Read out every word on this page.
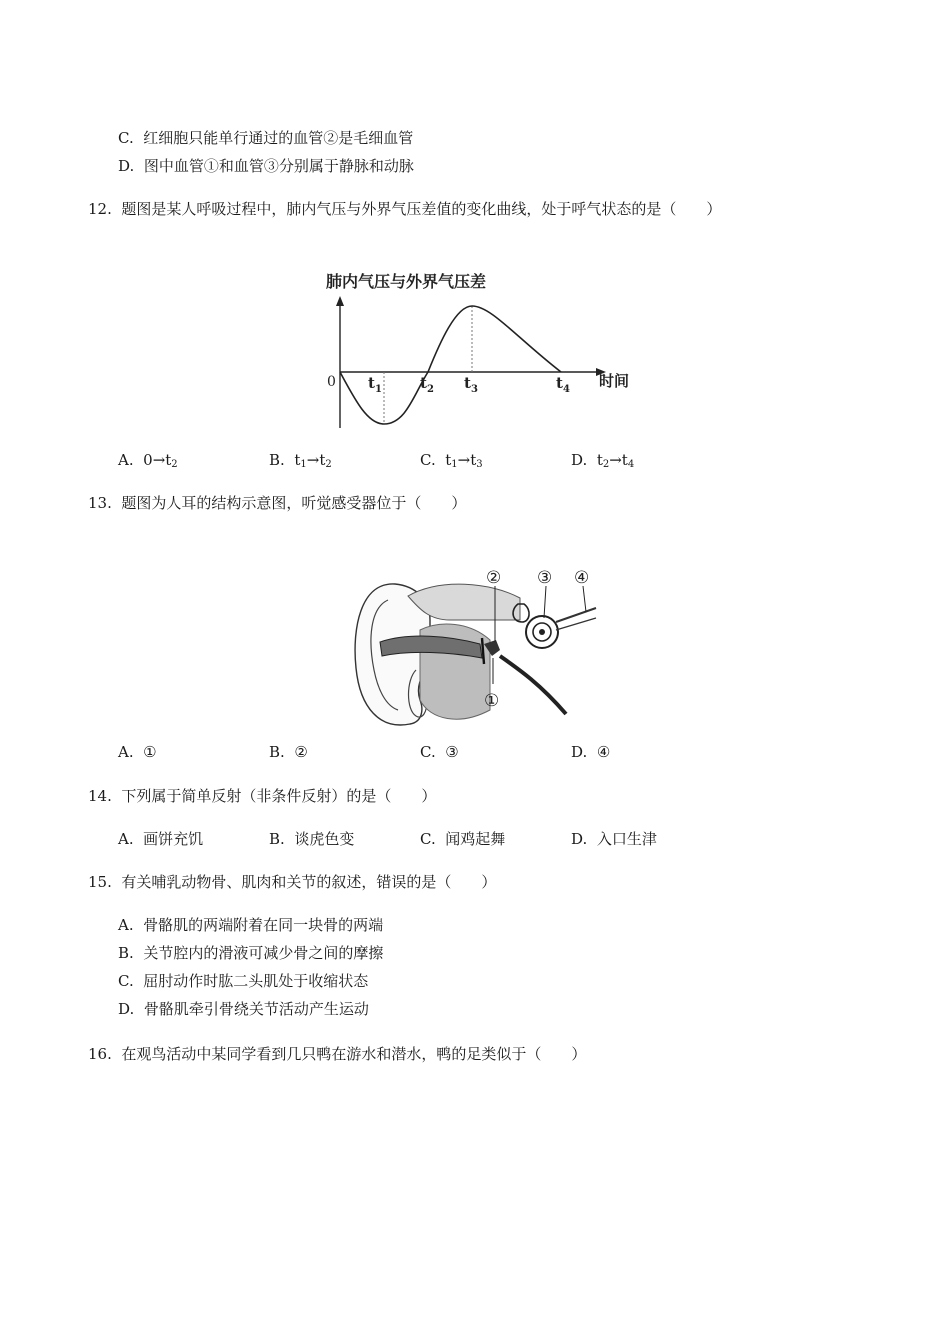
C. 红细胞只能单行通过的血管②是毛细血管
D. 图中血管①和血管③分别属于静脉和动脉
12. 题图是某人呼吸过程中，肺内气压与外界气压差值的变化曲线，处于呼气状态的是（　　）
肺内气压与外界气压差
0 $t_1$	$t_2$ $t_3$	$t_4$ 时间
A. $0\to t_2$	B. $t_1\to t_2$	C. $t_1\to t_3$	D. $t_2\to t_4$
13. 题图为人耳的结构示意图，听觉感受器位于（　　）
② ③ ④
①
A. ①	B. ②	C. ③	D. ④
14. 下列属于简单反射（非条件反射）的是（　　）
A. 画饼充饥	B. 谈虎色变	C. 闻鸡起舞	D. 入口生津
15. 有关哺乳动物骨、肌肉和关节的叙述，错误的是（　　）
A. 骨骼肌的两端附着在同一块骨的两端
B. 关节腔内的滑液可减少骨之间的摩擦
C. 屈肘动作时肱二头肌处于收缩状态
D. 骨骼肌牵引骨绕关节活动产生运动
16. 在观鸟活动中某同学看到几只鸭在游水和潜水，鸭的足类似于（　　）
